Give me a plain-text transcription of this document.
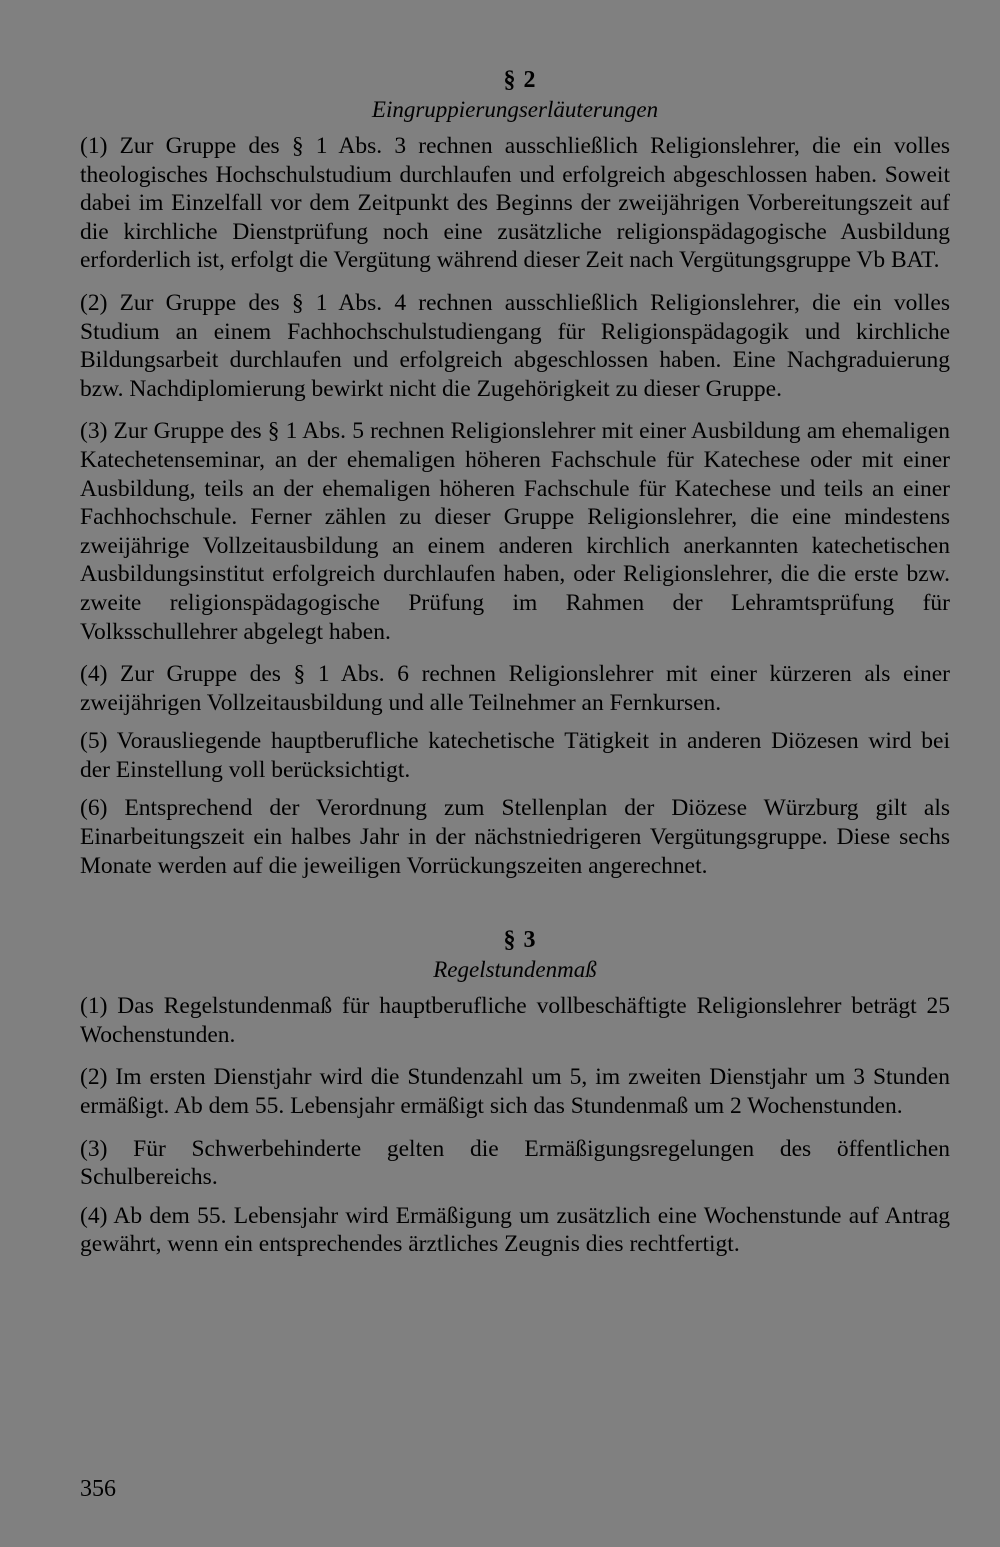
§ 2
Eingruppierungserläuterungen

(1) Zur Gruppe des § 1 Abs. 3 rechnen ausschließlich Religionslehrer, die ein volles theologisches Hochschulstudium durchlaufen und erfolgreich abgeschlossen haben. Soweit dabei im Einzelfall vor dem Zeitpunkt des Beginns der zweijährigen Vorbereitungszeit auf die kirchliche Dienstprüfung noch eine zusätzliche religionspädagogische Ausbildung erforderlich ist, erfolgt die Vergütung während dieser Zeit nach Vergütungsgruppe Vb BAT.

(2) Zur Gruppe des § 1 Abs. 4 rechnen ausschließlich Religionslehrer, die ein volles Studium an einem Fachhochschulstudiengang für Religionspädagogik und kirchliche Bildungsarbeit durchlaufen und erfolgreich abgeschlossen haben. Eine Nachgraduierung bzw. Nachdiplomierung bewirkt nicht die Zugehörigkeit zu dieser Gruppe.

(3) Zur Gruppe des § 1 Abs. 5 rechnen Religionslehrer mit einer Ausbildung am ehemaligen Katechetenseminar, an der ehemaligen höheren Fachschule für Katechese oder mit einer Ausbildung, teils an der ehemaligen höheren Fachschule für Katechese und teils an einer Fachhochschule. Ferner zählen zu dieser Gruppe Religionslehrer, die eine mindestens zweijährige Vollzeitausbildung an einem anderen kirchlich anerkannten katechetischen Ausbildungsinstitut erfolgreich durchlaufen haben, oder Religionslehrer, die die erste bzw. zweite religionspädagogische Prüfung im Rahmen der Lehramtsprüfung für Volksschullehrer abgelegt haben.

(4) Zur Gruppe des § 1 Abs. 6 rechnen Religionslehrer mit einer kürzeren als einer zweijährigen Vollzeitausbildung und alle Teilnehmer an Fernkursen.

(5) Vorausliegende hauptberufliche katechetische Tätigkeit in anderen Diözesen wird bei der Einstellung voll berücksichtigt.

(6) Entsprechend der Verordnung zum Stellenplan der Diözese Würzburg gilt als Einarbeitungszeit ein halbes Jahr in der nächstniedrigeren Vergütungsgruppe. Diese sechs Monate werden auf die jeweiligen Vorrückungszeiten angerechnet.

§ 3
Regelstundenmaß

(1) Das Regelstundenmaß für hauptberufliche vollbeschäftigte Religionslehrer beträgt 25 Wochenstunden.

(2) Im ersten Dienstjahr wird die Stundenzahl um 5, im zweiten Dienstjahr um 3 Stunden ermäßigt. Ab dem 55. Lebensjahr ermäßigt sich das Stundenmaß um 2 Wochenstunden.

(3) Für Schwerbehinderte gelten die Ermäßigungsregelungen des öffentlichen Schulbereichs.

(4) Ab dem 55. Lebensjahr wird Ermäßigung um zusätzlich eine Wochenstunde auf Antrag gewährt, wenn ein entsprechendes ärztliches Zeugnis dies rechtfertigt.

356
